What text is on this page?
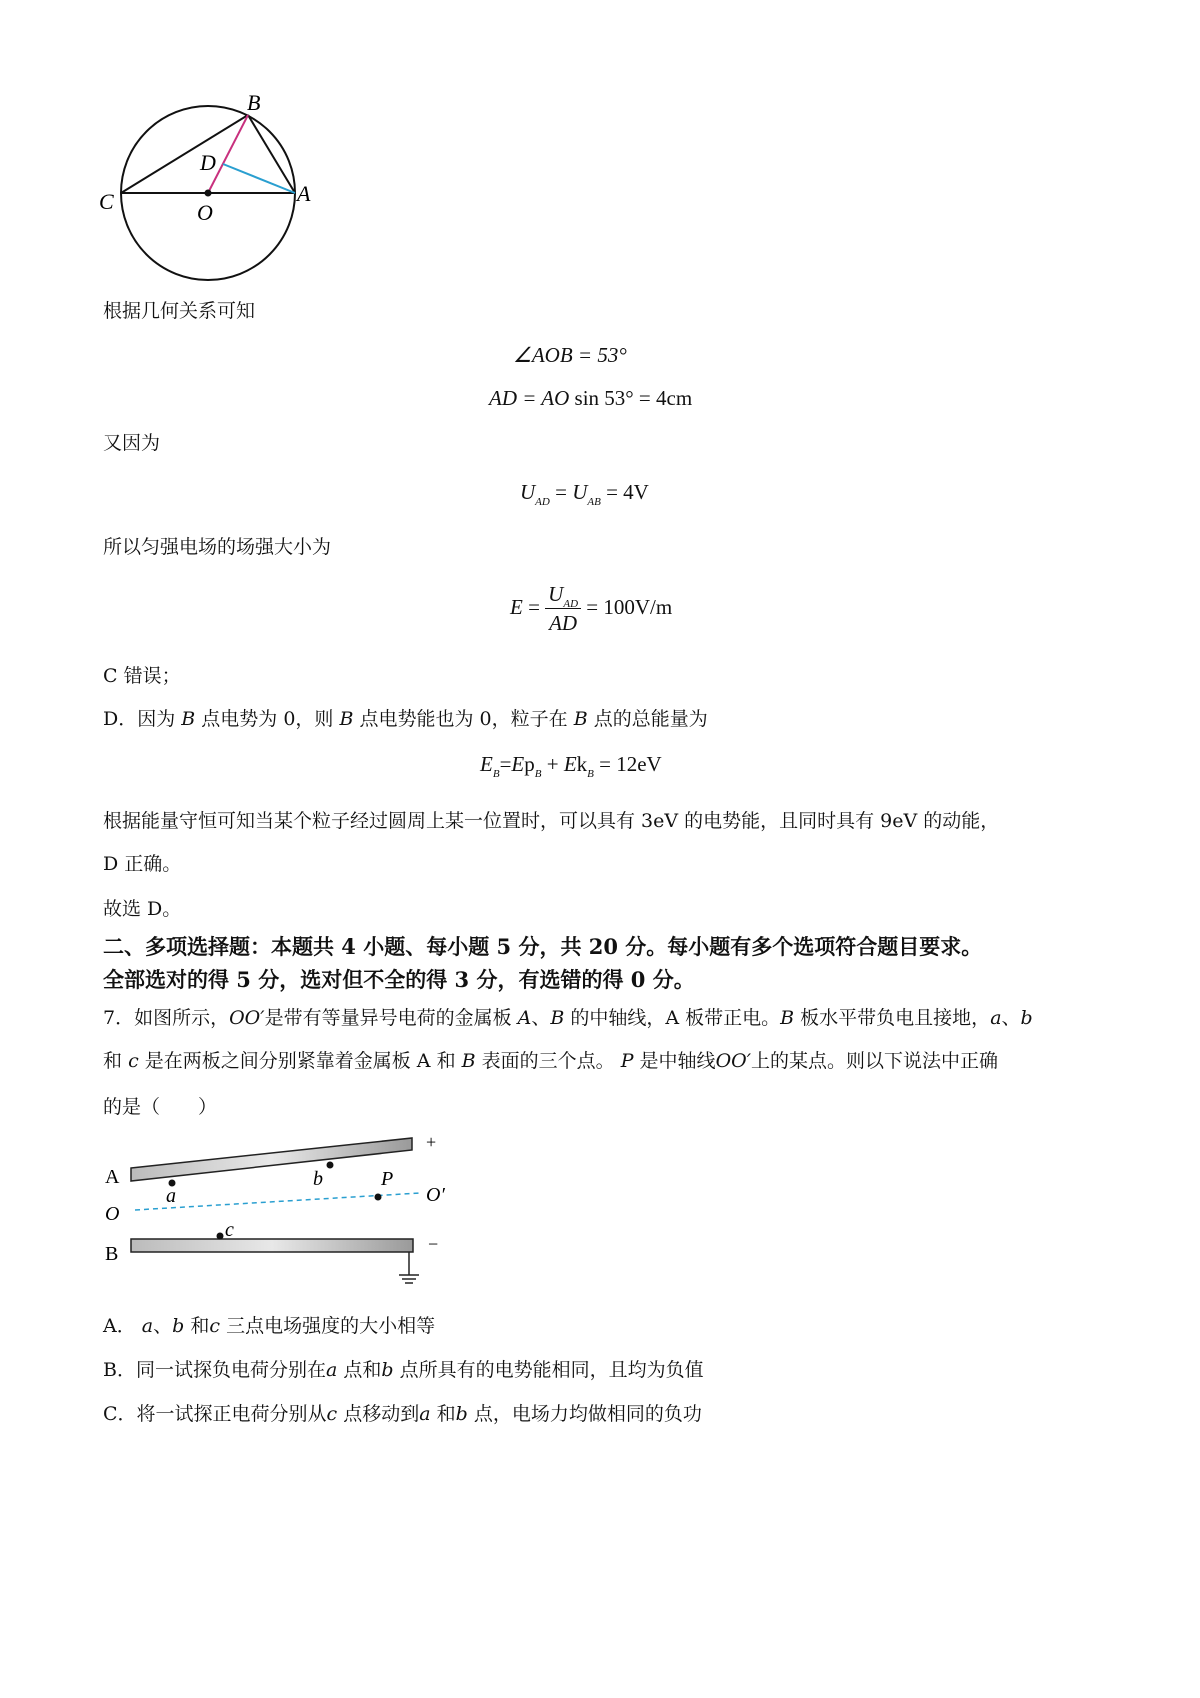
B
D
C	O
A
根据几何关系可知
∠AOB = 53°
AD = AO sin 53° = 4cm
又因为
$U_{AD} = U_{AB} = 4V$
所以匀强电场的场强大小为
$E = \frac{U_{AD}}{AD} = 100V/m$
C 错误；
D．因为 B 点电势为 0，则 B 点电势能也为 0，粒子在 B 点的总能量为
$E_B=Ep_B + Ek_B = 12eV$
根据能量守恒可知当某个粒子经过圆周上某一位置时，可以具有 3eV 的电势能，且同时具有 9eV 的动能，
D 正确。
故选 D。
二、多项选择题：本题共 4 小题、每小题 5 分，共 20 分。每小题有多个选项符合题目要求。
全部选对的得 5 分，选对但不全的得 3 分，有选错的得 0 分。
7．如图所示，OO′是带有等量异号电荷的金属板 A、B 的中轴线，A 板带正电。B 板水平带负电且接地，a、b
和 c 是在两板之间分别紧靠着金属板 A 和 B 表面的三个点。 P 是中轴线OO′上的某点。则以下说法中正确
的是（　　）
+
A	b	P
a	O′
O
c
B	−
A． a、b 和c 三点电场强度的大小相等
B．同一试探负电荷分别在a 点和b 点所具有的电势能相同，且均为负值
C．将一试探正电荷分别从c 点移动到a 和b 点，电场力均做相同的负功
